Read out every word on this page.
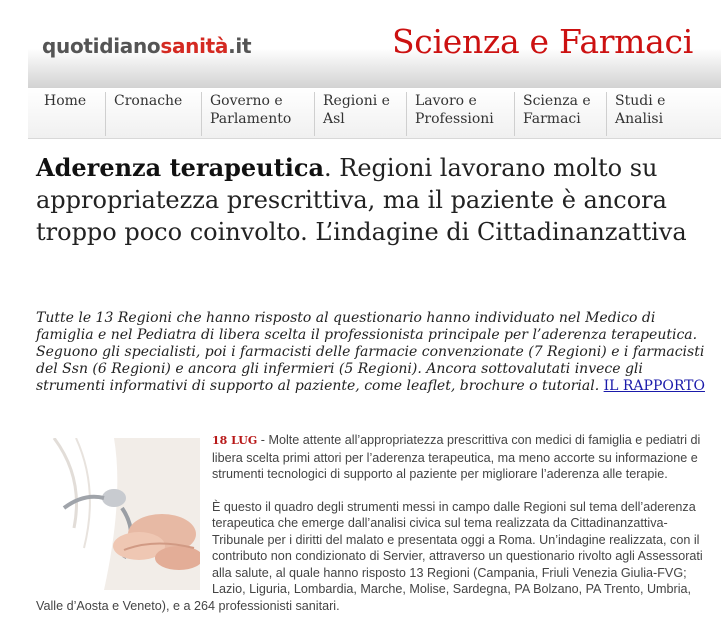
quotidianosanità.it	Scienza e Farmaci
Home	Cronache	Governo e
Parlamento
Regioni e
Asl
Lavoro e
Professioni
Scienza e
Farmaci
Studi e
Analisi
Aderenza terapeutica. Regioni lavorano molto su appropriatezza prescrittiva, ma il paziente è ancora troppo poco coinvolto. L’indagine di Cittadinanzattiva
Tutte le 13 Regioni che hanno risposto al questionario hanno individuato nel Medico di famiglia e nel Pediatra di libera scelta il professionista principale per l’aderenza terapeutica. Seguono gli specialisti, poi i farmacisti delle farmacie convenzionate (7 Regioni) e i farmacisti del Ssn (6 Regioni) e ancora gli infermieri (5 Regioni). Ancora sottovalutati invece gli strumenti informativi di supporto al paziente, come leaflet, brochure o tutorial. IL RAPPORTO

18 LUG - Molte attente all’appropriatezza prescrittiva con medici di famiglia e pediatri di libera scelta primi attori per l’aderenza terapeutica, ma meno accorte su informazione e strumenti tecnologici di supporto al paziente per migliorare l’aderenza alle terapie.

È questo il quadro degli strumenti messi in campo dalle Regioni sul tema dell’aderenza terapeutica che emerge dall’analisi civica sul tema realizzata da Cittadinanzattiva-Tribunale per i diritti del malato e presentata oggi a Roma. Un’indagine realizzata, con il contributo non condizionato di Servier, attraverso un questionario rivolto agli Assessorati alla salute, al quale hanno risposto 13 Regioni (Campania, Friuli Venezia Giulia-FVG; Lazio, Liguria, Lombardia, Marche, Molise, Sardegna, PA Bolzano, PA Trento, Umbria, Valle d’Aosta e Veneto), e a 264 professionisti sanitari.
